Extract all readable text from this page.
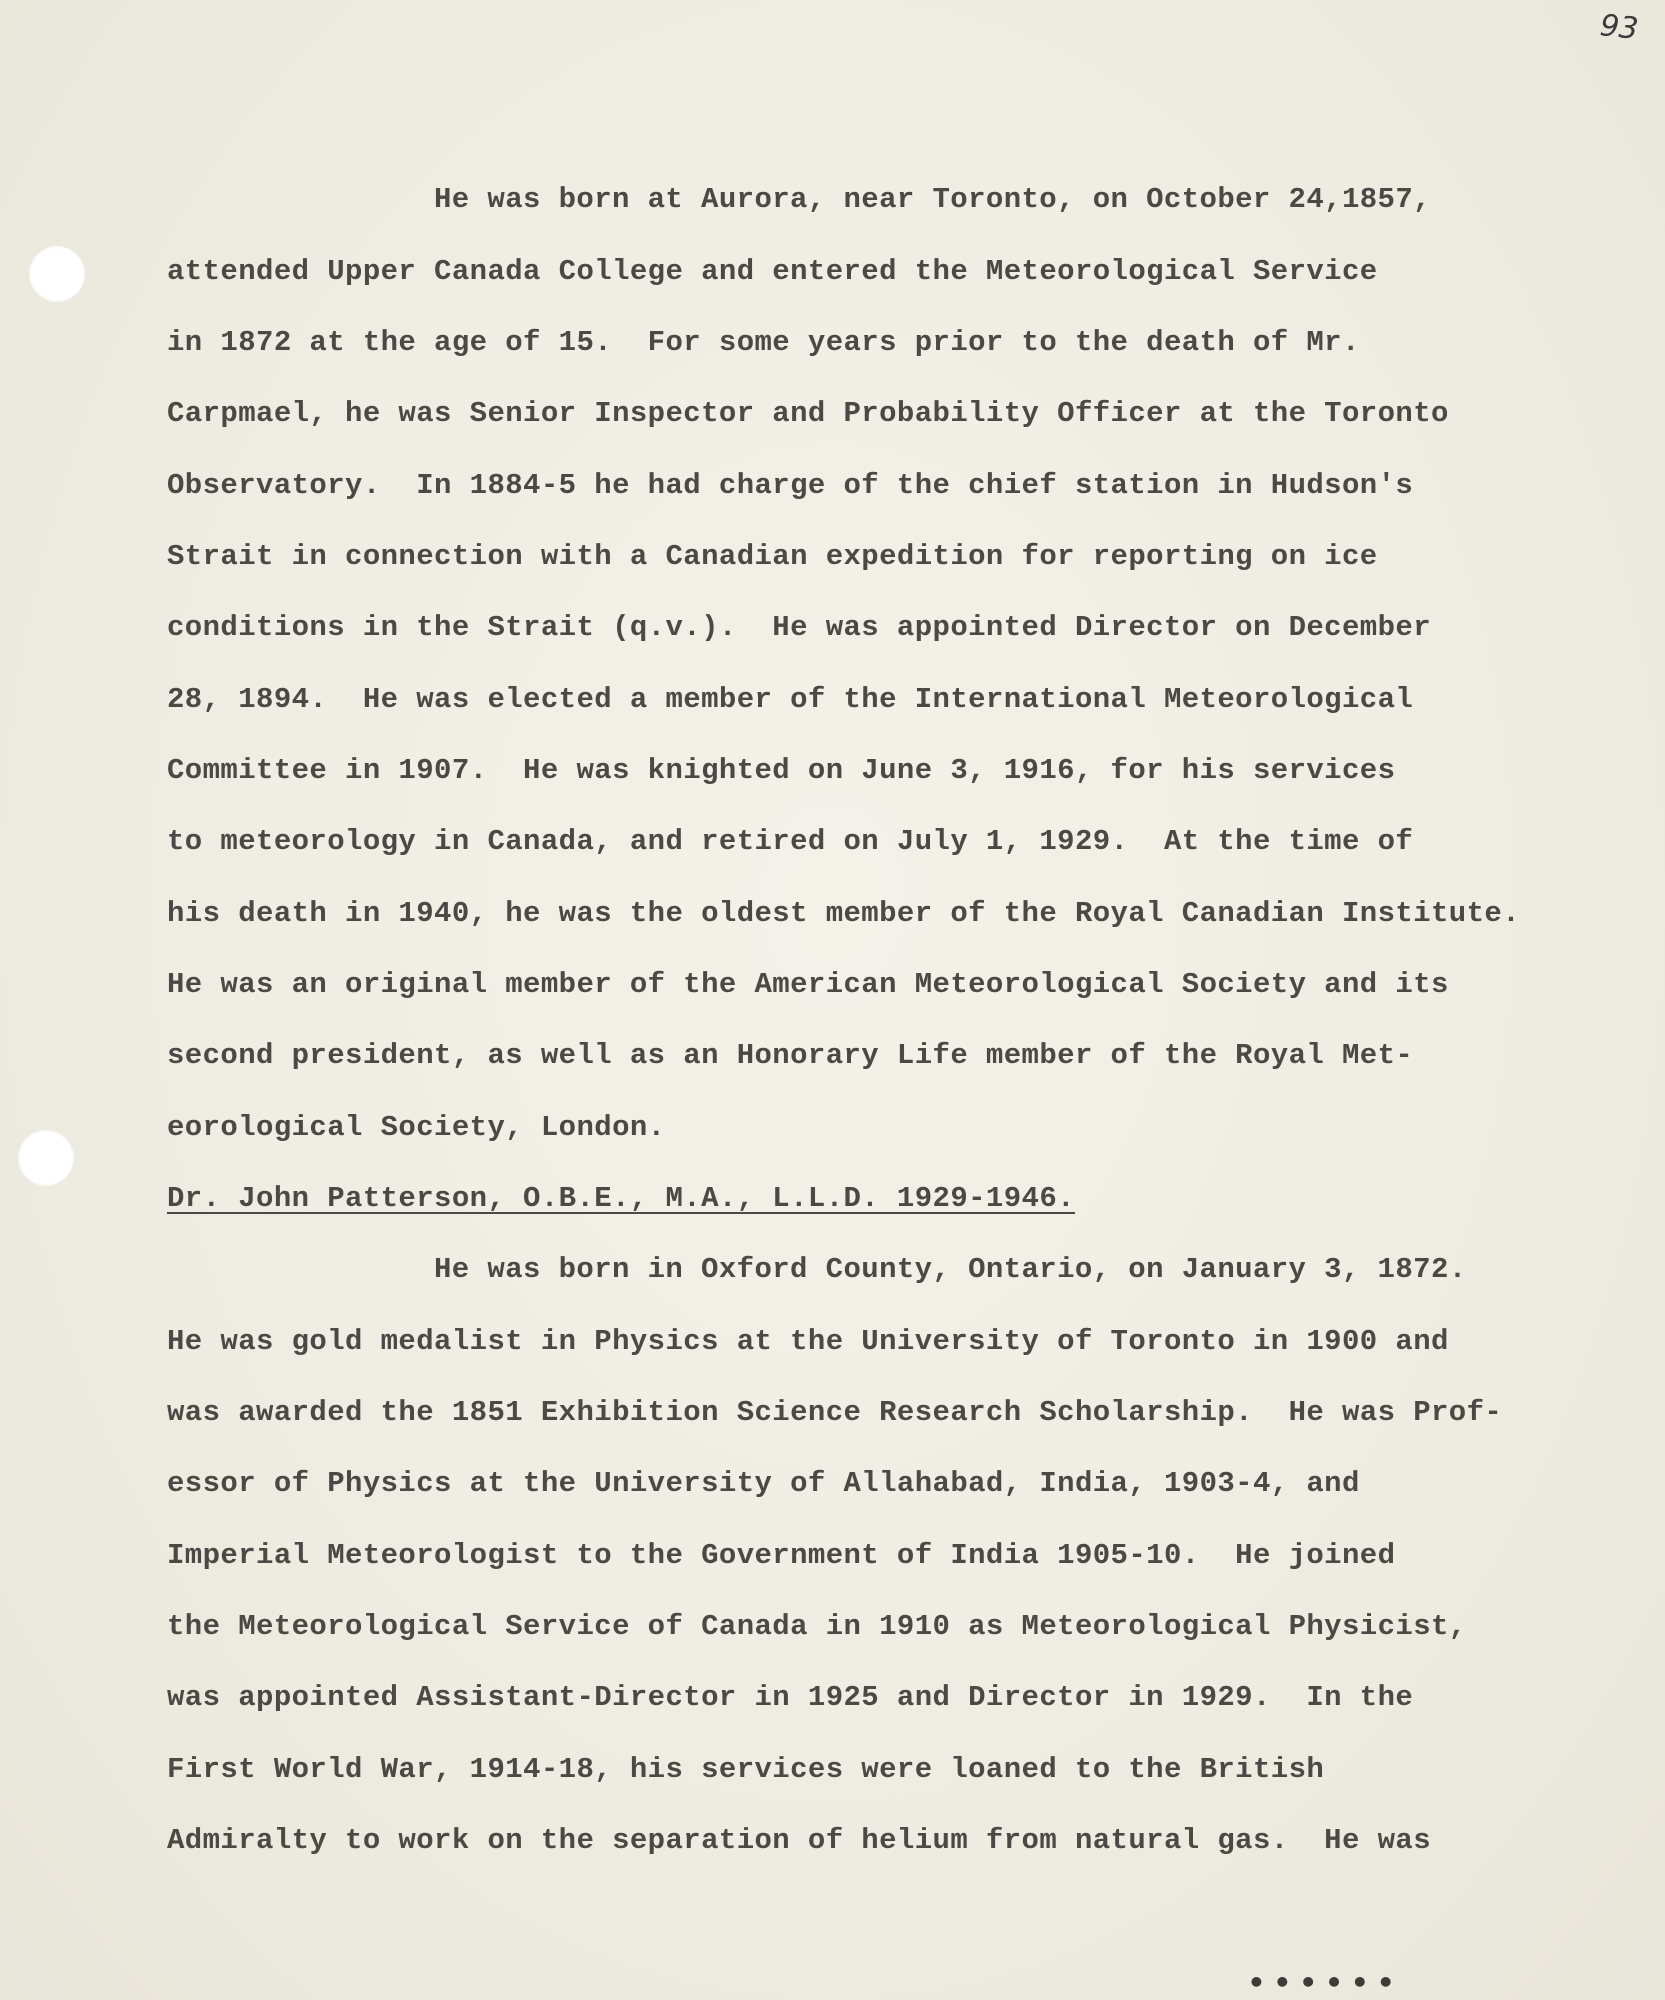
93

He was born at Aurora, near Toronto, on October 24,1857,

attended Upper Canada College and entered the Meteorological Service

in 1872 at the age of 15.  For some years prior to the death of Mr.

Carpmael, he was Senior Inspector and Probability Officer at the Toronto

Observatory.  In 1884-5 he had charge of the chief station in Hudson's

Strait in connection with a Canadian expedition for reporting on ice

conditions in the Strait (q.v.).  He was appointed Director on December

28, 1894.  He was elected a member of the International Meteorological

Committee in 1907.  He was knighted on June 3, 1916, for his services

to meteorology in Canada, and retired on July 1, 1929.  At the time of

his death in 1940, he was the oldest member of the Royal Canadian Institute.

He was an original member of the American Meteorological Society and its

second president, as well as an Honorary Life member of the Royal Met-

eorological Society, London.

Dr. John Patterson, O.B.E., M.A., L.L.D. 1929-1946.

He was born in Oxford County, Ontario, on January 3, 1872.

He was gold medalist in Physics at the University of Toronto in 1900 and

was awarded the 1851 Exhibition Science Research Scholarship.  He was Prof-

essor of Physics at the University of Allahabad, India, 1903-4, and

Imperial Meteorologist to the Government of India 1905-10.  He joined

the Meteorological Service of Canada in 1910 as Meteorological Physicist,

was appointed Assistant-Director in 1925 and Director in 1929.  In the

First World War, 1914-18, his services were loaned to the British

Admiralty to work on the separation of helium from natural gas.  He was

••••••
